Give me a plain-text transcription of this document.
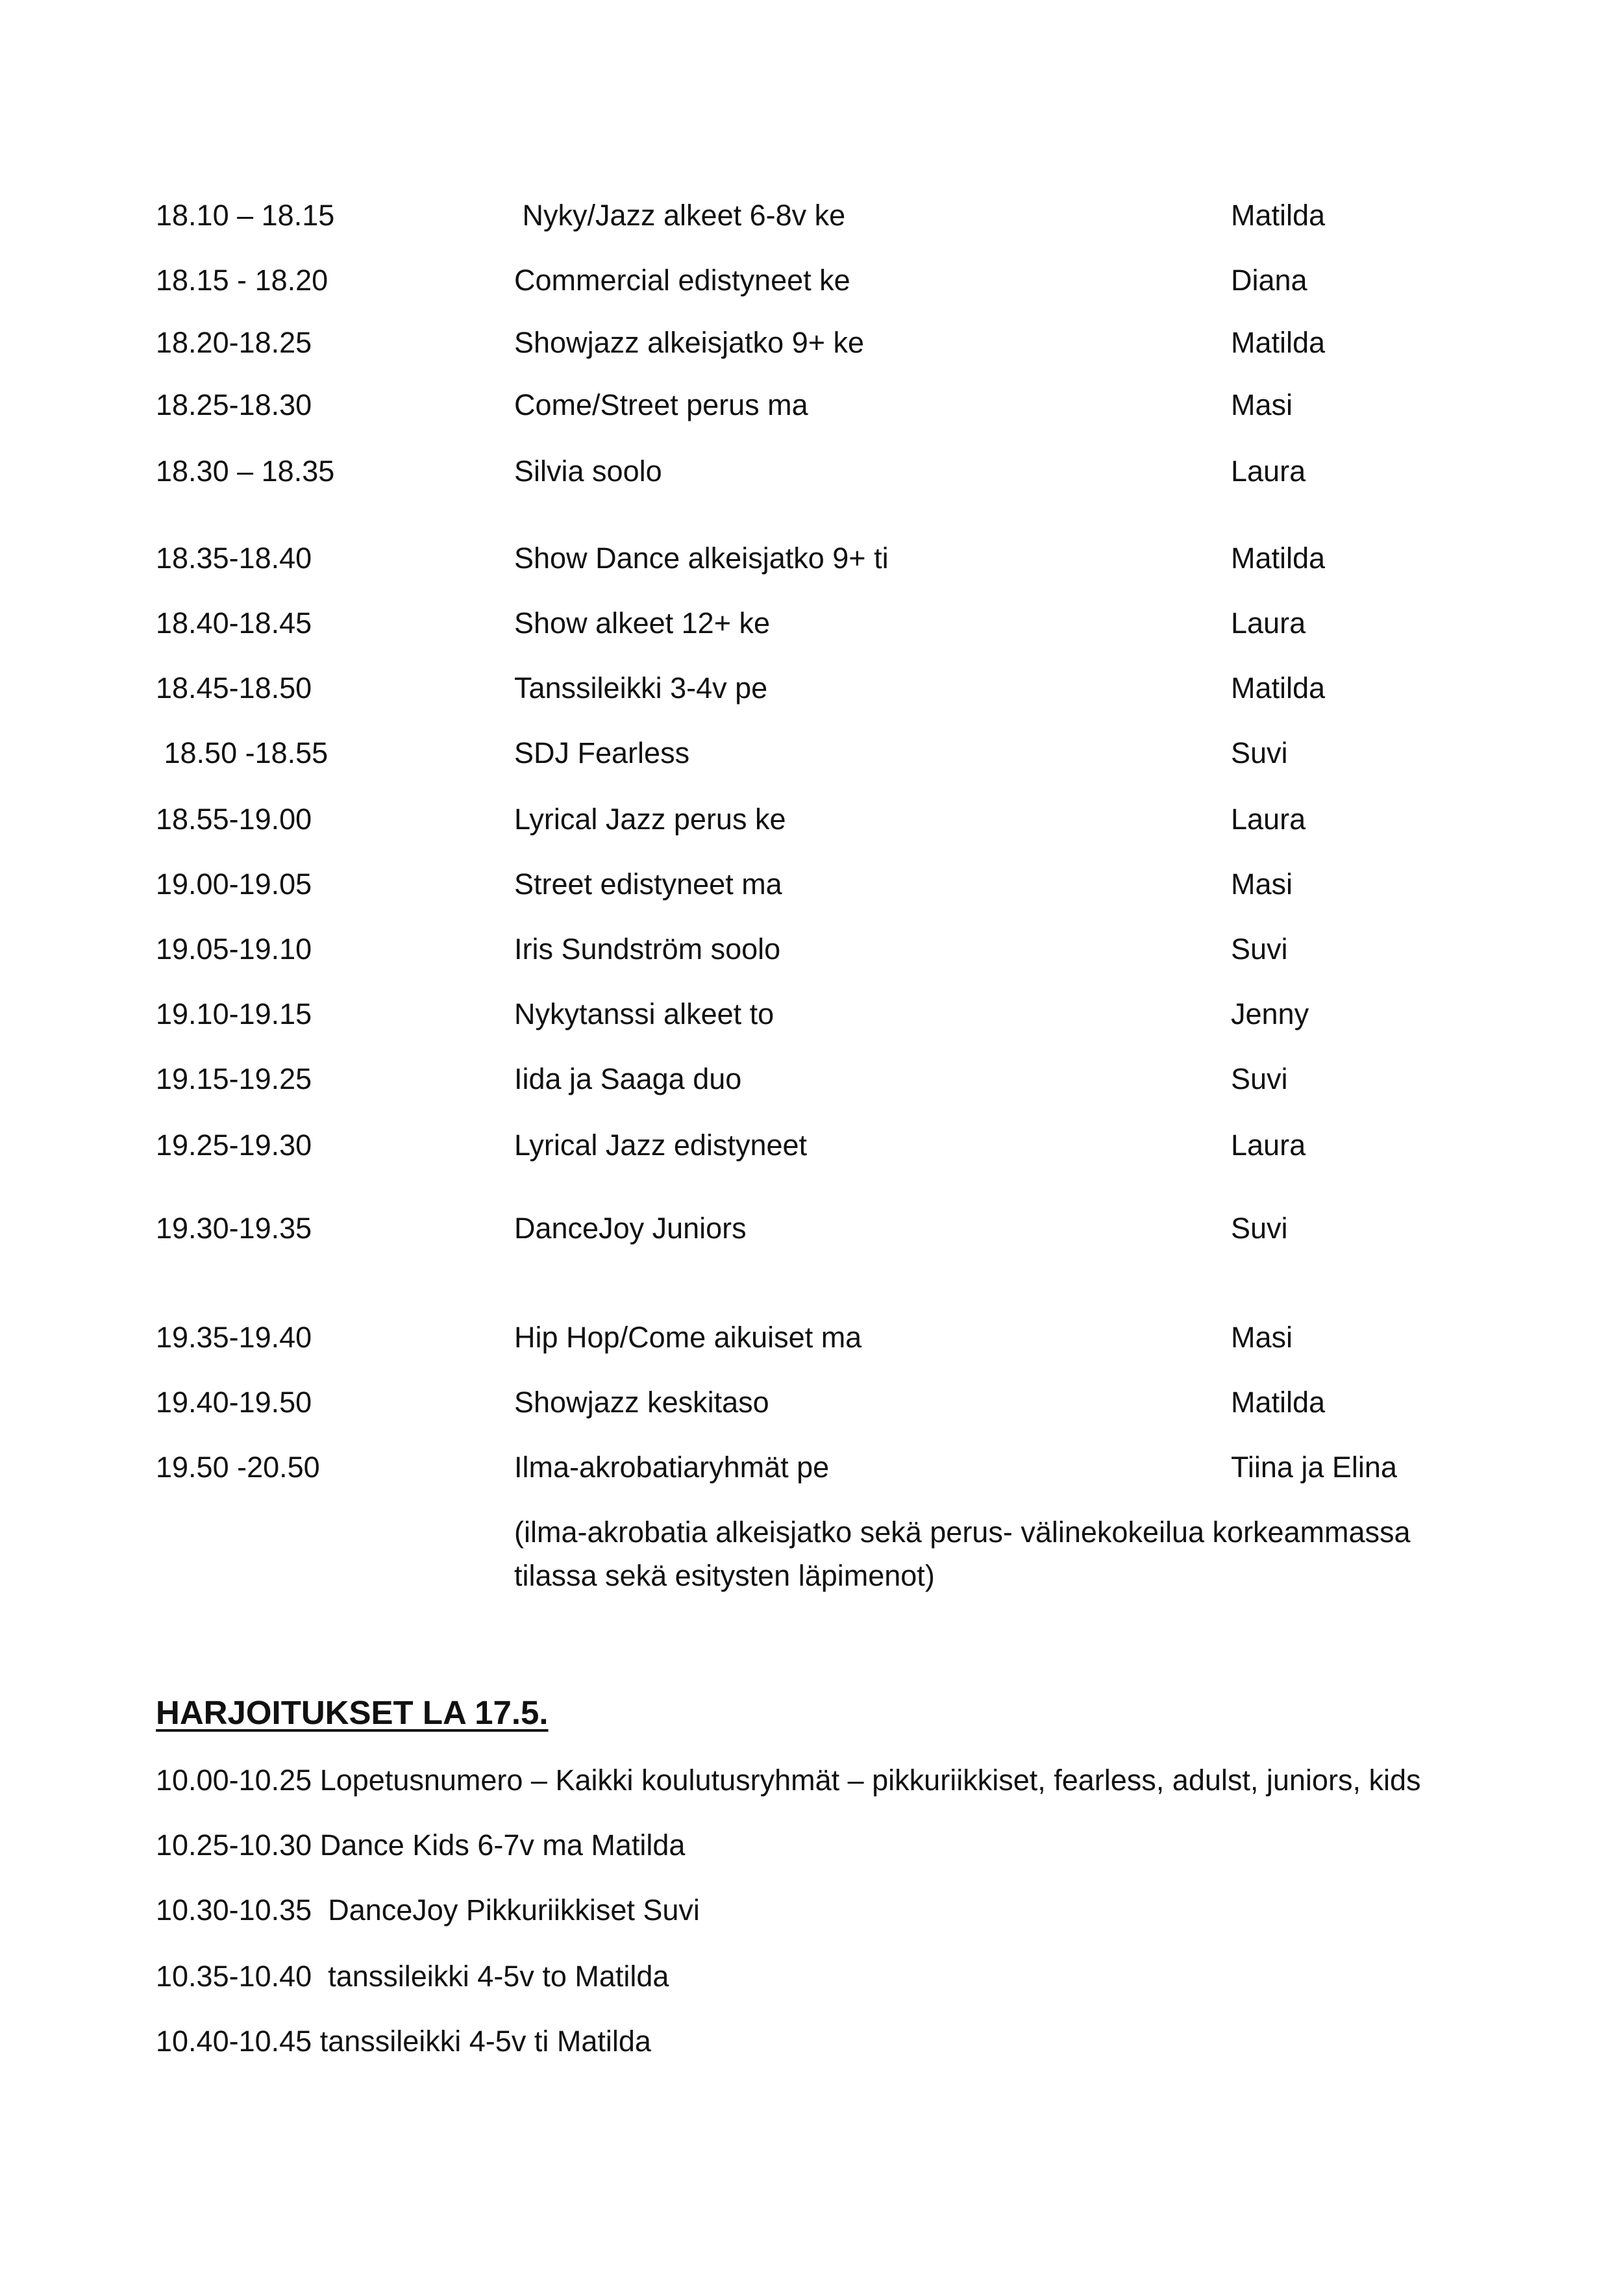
18.10 – 18.15	Nyky/Jazz alkeet 6-8v ke	Matilda
18.15 - 18.20	Commercial edistyneet ke	Diana
18.20-18.25	Showjazz alkeisjatko 9+ ke	Matilda
18.25-18.30	Come/Street perus ma	Masi
18.30 – 18.35	Silvia soolo	Laura
18.35-18.40	Show Dance alkeisjatko 9+ ti	Matilda
18.40-18.45	Show alkeet 12+ ke	Laura
18.45-18.50	Tanssileikki 3-4v pe	Matilda
18.50 -18.55	SDJ Fearless	Suvi
18.55-19.00	Lyrical Jazz perus ke	Laura
19.00-19.05	Street edistyneet ma	Masi
19.05-19.10	Iris Sundström soolo	Suvi
19.10-19.15	Nykytanssi alkeet to	Jenny
19.15-19.25	Iida ja Saaga duo	Suvi
19.25-19.30	Lyrical Jazz edistyneet	Laura
19.30-19.35	DanceJoy Juniors	Suvi
19.35-19.40	Hip Hop/Come aikuiset ma	Masi
19.40-19.50	Showjazz keskitaso	Matilda
19.50 -20.50	Ilma-akrobatiaryhmät pe	Tiina ja Elina
(ilma-akrobatia alkeisjatko sekä perus- välinekokeilua korkeammassa tilassa sekä esitysten läpimenot)
HARJOITUKSET LA 17.5.
10.00-10.25 Lopetusnumero – Kaikki koulutusryhmät – pikkuriikkiset, fearless, adulst, juniors, kids
10.25-10.30 Dance Kids 6-7v ma Matilda
10.30-10.35  DanceJoy Pikkuriikkiset Suvi
10.35-10.40  tanssileikki 4-5v to Matilda
10.40-10.45 tanssileikki 4-5v ti Matilda
